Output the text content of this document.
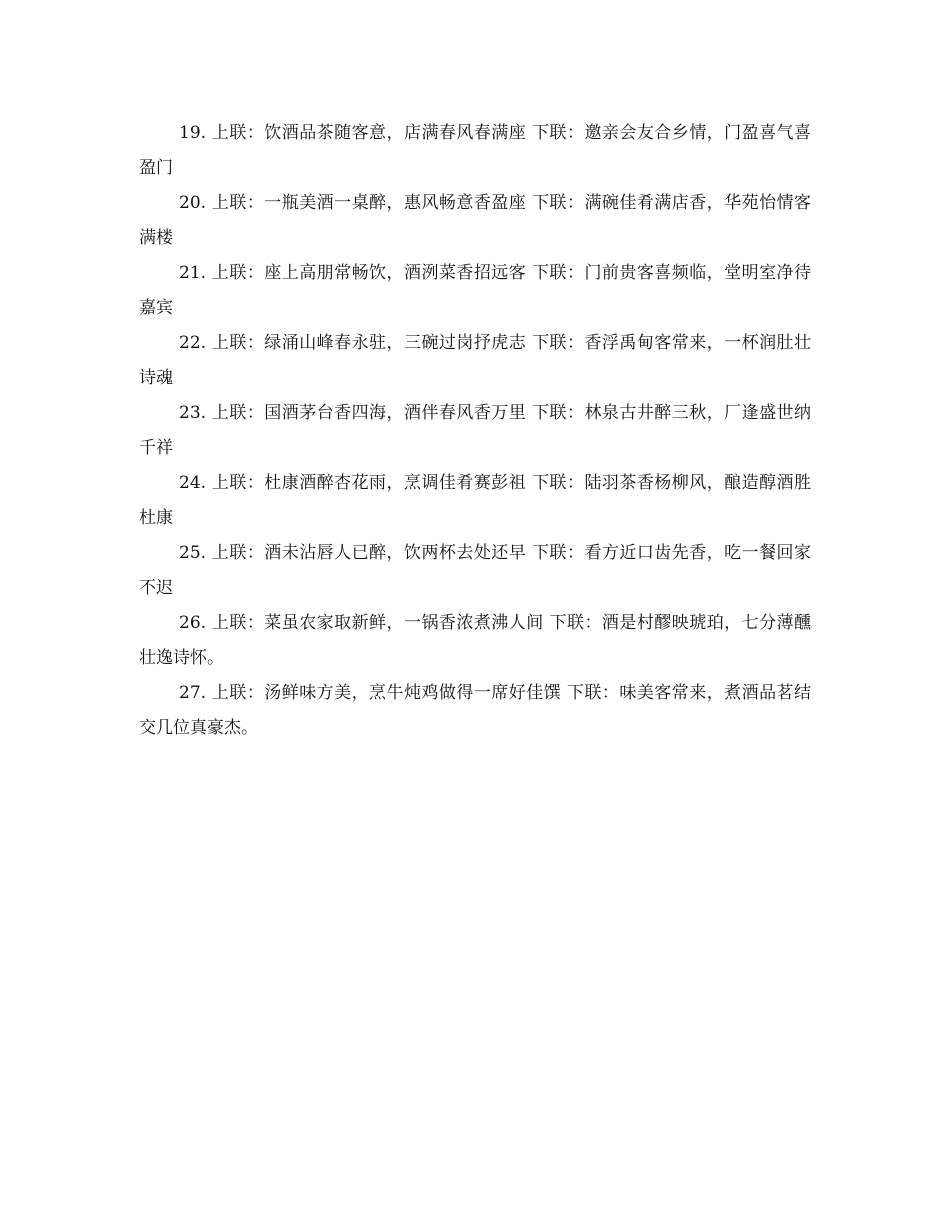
19. 上联：饮酒品茶随客意，店满春风春满座 下联：邀亲会友合乡情，门盈喜气喜盈门

20. 上联：一瓶美酒一桌醉，惠风畅意香盈座 下联：满碗佳肴满店香，华苑怡情客满楼

21. 上联：座上高朋常畅饮，酒洌菜香招远客 下联：门前贵客喜频临，堂明室净待嘉宾

22. 上联：绿涌山峰春永驻，三碗过岗抒虎志 下联：香浮禹甸客常来，一杯润肚壮诗魂

23. 上联：国酒茅台香四海，酒伴春风香万里 下联：林泉古井醉三秋，厂逢盛世纳千祥

24. 上联：杜康酒醉杏花雨，烹调佳肴赛彭祖 下联：陆羽茶香杨柳风，酿造醇酒胜杜康

25. 上联：酒未沾唇人已醉，饮两杯去处还早 下联：看方近口齿先香，吃一餐回家不迟

26. 上联：菜虽农家取新鲜，一锅香浓煮沸人间 下联：酒是村醪映琥珀，七分薄醺壮逸诗怀。

27. 上联：汤鲜味方美，烹牛炖鸡做得一席好佳馔 下联：味美客常来，煮酒品茗结交几位真豪杰。
